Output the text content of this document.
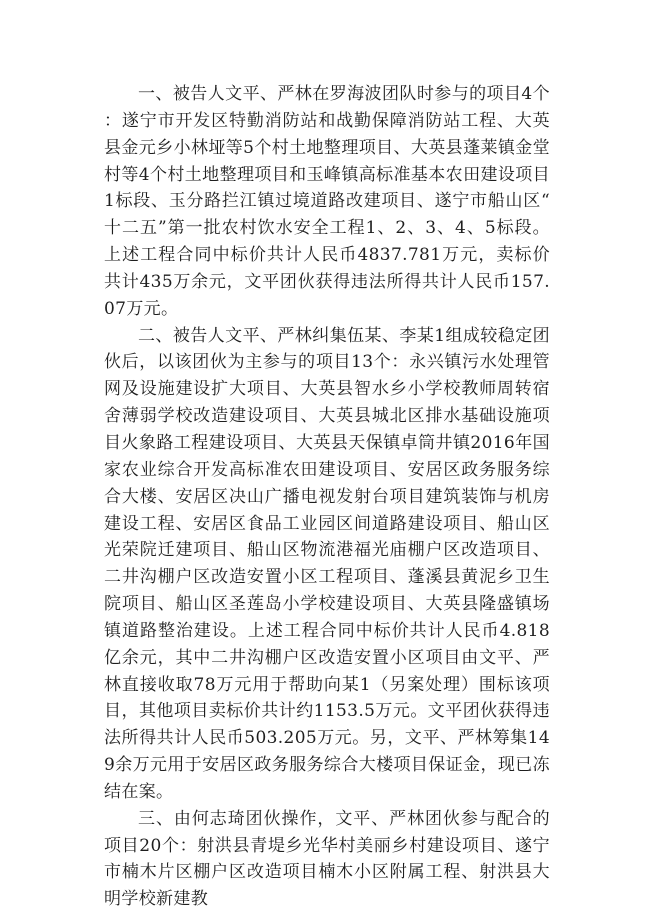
一、被告人文平、严林在罗海波团队时参与的项目4个：遂宁市开发区特勤消防站和战勤保障消防站工程、大英县金元乡小林垭等5个村土地整理项目、大英县蓬莱镇金堂村等4个村土地整理项目和玉峰镇高标准基本农田建设项目1标段、玉分路拦江镇过境道路改建项目、遂宁市船山区“十二五”第一批农村饮水安全工程1、2、3、4、5标段。上述工程合同中标价共计人民币4837.781万元，卖标价共计435万余元，文平团伙获得违法所得共计人民币157.07万元。

二、被告人文平、严林纠集伍某、李某1组成较稳定团伙后，以该团伙为主参与的项目13个：永兴镇污水处理管网及设施建设扩大项目、大英县智水乡小学校教师周转宿舍薄弱学校改造建设项目、大英县城北区排水基础设施项目火象路工程建设项目、大英县天保镇卓筒井镇2016年国家农业综合开发高标准农田建设项目、安居区政务服务综合大楼、安居区决山广播电视发射台项目建筑装饰与机房建设工程、安居区食品工业园区间道路建设项目、船山区光荣院迁建项目、船山区物流港福光庙棚户区改造项目、二井沟棚户区改造安置小区工程项目、蓬溪县黄泥乡卫生院项目、船山区圣莲岛小学校建设项目、大英县隆盛镇场镇道路整治建设。上述工程合同中标价共计人民币4.818亿余元，其中二井沟棚户区改造安置小区项目由文平、严林直接收取78万元用于帮助向某1（另案处理）围标该项目，其他项目卖标价共计约1153.5万元。文平团伙获得违法所得共计人民币503.205万元。另，文平、严林筹集149余万元用于安居区政务服务综合大楼项目保证金，现已冻结在案。

三、由何志琦团伙操作，文平、严林团伙参与配合的项目20个：射洪县青堤乡光华村美丽乡村建设项目、遂宁市楠木片区棚户区改造项目楠木小区附属工程、射洪县大明学校新建教
